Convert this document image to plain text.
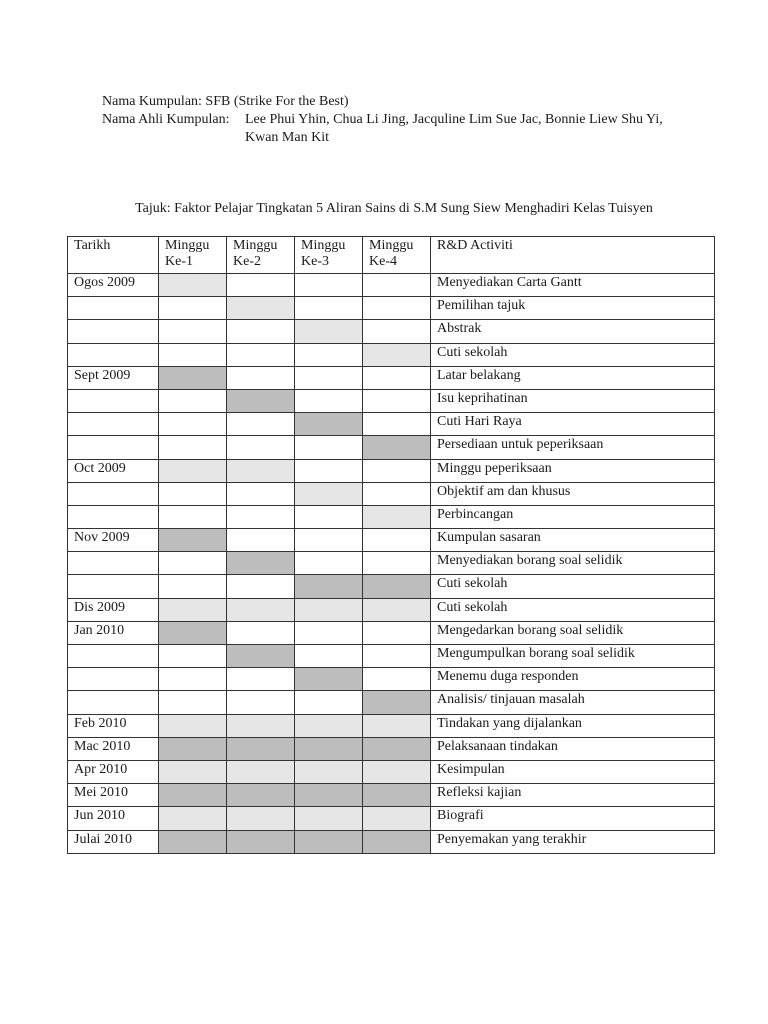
Nama Kumpulan: SFB (Strike For the Best)
Nama Ahli Kumpulan: Lee Phui Yhin, Chua Li Jing, Jacquline Lim Sue Jac, Bonnie Liew Shu Yi,
Kwan Man Kit
Tajuk: Faktor Pelajar Tingkatan 5 Aliran Sains di S.M Sung Siew Menghadiri Kelas Tuisyen
Tarikh	Minggu Ke-1	Minggu Ke-2	Minggu Ke-3	Minggu Ke-4	R&D Activiti
Ogos 2009					Menyediakan Carta Gantt
					Pemilihan tajuk
					Abstrak
					Cuti sekolah
Sept 2009					Latar belakang
					Isu keprihatinan
					Cuti Hari Raya
					Persediaan untuk peperiksaan
Oct 2009					Minggu peperiksaan
					Objektif am dan khusus
					Perbincangan
Nov 2009					Kumpulan sasaran
					Menyediakan borang soal selidik
					Cuti sekolah
Dis 2009					Cuti sekolah
Jan 2010					Mengedarkan borang soal selidik
					Mengumpulkan borang soal selidik
					Menemu duga responden
					Analisis/ tinjauan masalah
Feb 2010					Tindakan yang dijalankan
Mac 2010					Pelaksanaan tindakan
Apr 2010					Kesimpulan
Mei 2010					Refleksi kajian
Jun 2010					Biografi
Julai 2010					Penyemakan yang terakhir
